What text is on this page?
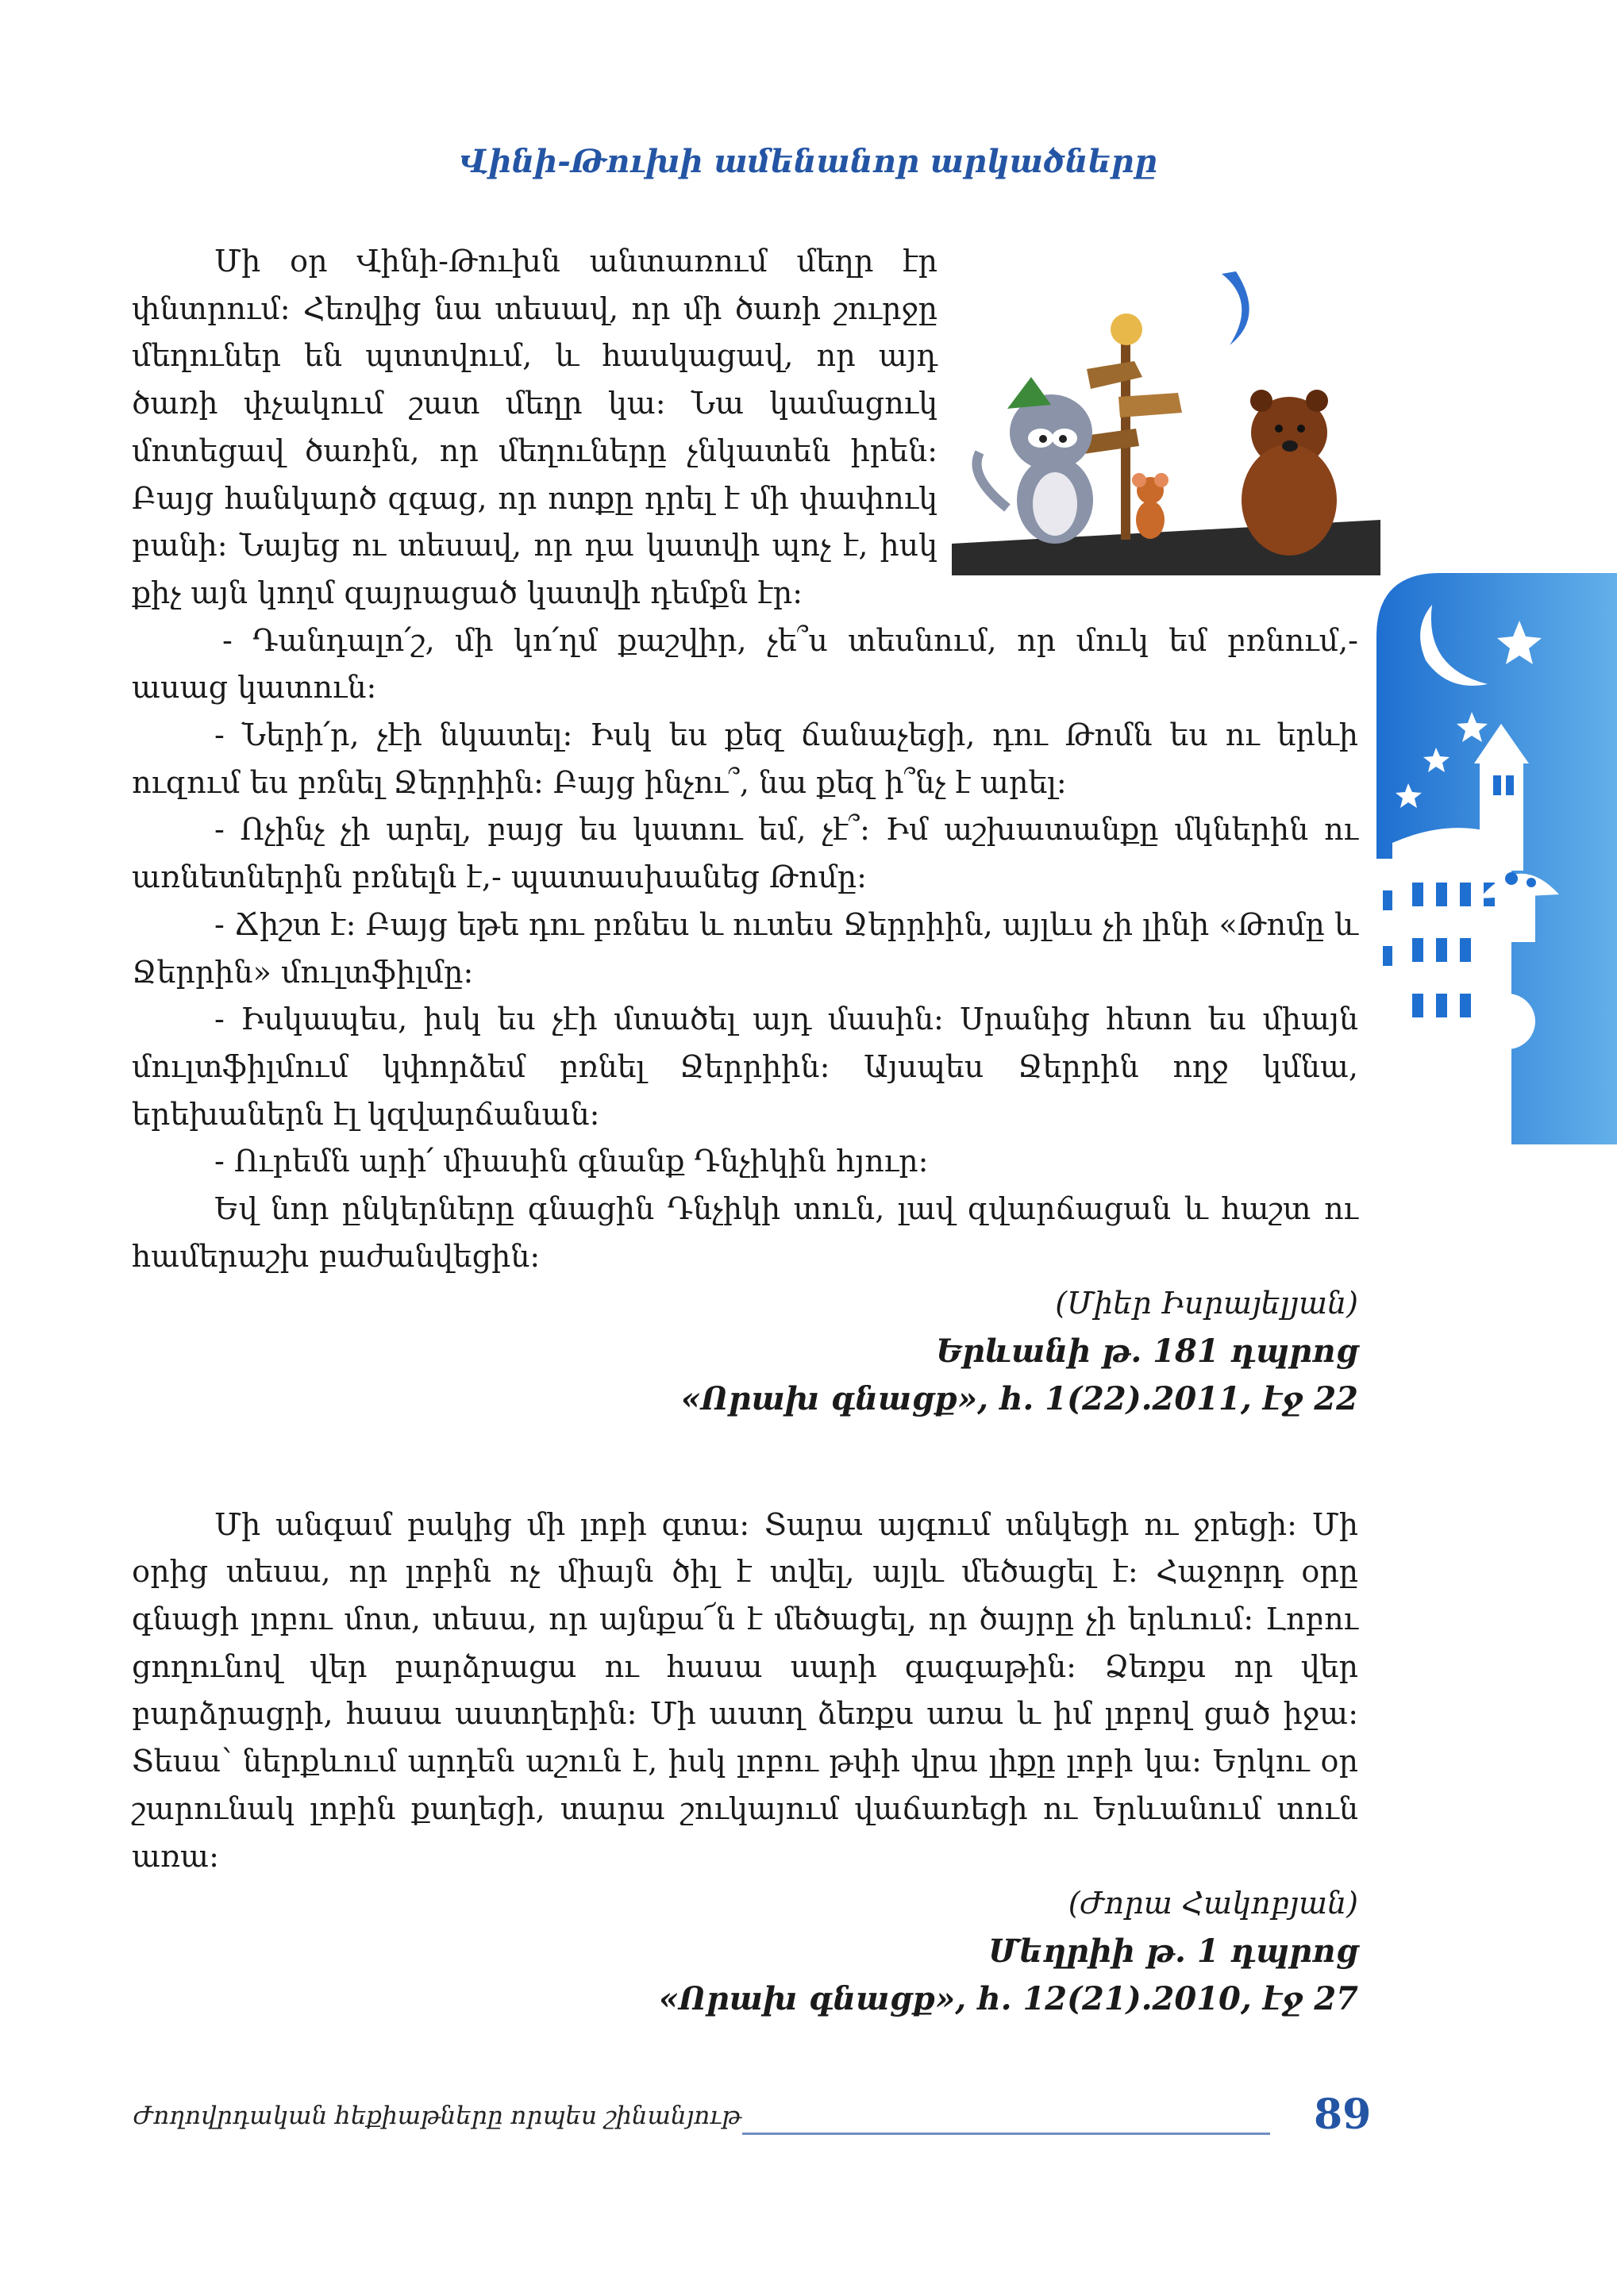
Վինի-Թուխի ամենանոր արկածները

Մի օր Վինի-Թուխն անտառում մեղր էր փնտրում: Հեռվից նա տեսավ, որ մի ծառի շուրջը մեղուներ են պտտվում, և հասկացավ, որ այդ ծառի փչակում շատ մեղր կա: Նա կամացուկ մոտեցավ ծառին, որ մեղուները չնկատեն իրեն: Բայց հանկարծ զգաց, որ ոտքը դրել է մի փափուկ բանի: Նայեց ու տեսավ, որ դա կատվի պոչ է, իսկ քիչ այն կողմ զայրացած կատվի դեմքն էր:

- Դանդալո՛շ, մի կո՛ղմ քաշվիր, չե՞ս տեսնում, որ մուկ եմ բռնում,- ասաց կատուն:

- Ների՛ր, չէի նկատել: Իսկ ես քեզ ճանաչեցի, դու Թոմն ես ու երևի ուզում ես բռնել Ջերրիին: Բայց ինչու՞, նա քեզ ի՞նչ է արել:

- Ոչինչ չի արել, բայց ես կատու եմ, չէ՞: Իմ աշխատանքը մկներին ու առնետներին բռնելն է,- պատասխանեց Թոմը:

- Ճիշտ է: Բայց եթե դու բռնես և ուտես Ջերրիին, այլևս չի լինի «Թոմը և Ջերրին» մուլտֆիլմը:

- Իսկապես, իսկ ես չէի մտածել այդ մասին: Սրանից հետո ես միայն մուլտֆիլմում կփորձեմ բռնել Ջերրիին: Այսպես Ջերրին ողջ կմնա, երեխաներն էլ կզվարճանան:

- Ուրեմն արի՛ միասին գնանք Դնչիկին հյուր:

Եվ նոր ընկերները գնացին Դնչիկի տուն, լավ զվարճացան և հաշտ ու համերաշխ բաժանվեցին:

(Միեր Իսրայելյան)

Երևանի թ. 181 դպրոց

«Որախ գնացք», հ. 1(22).2011, էջ 22

Մի անգամ բակից մի լոբի գտա: Տարա այգում տնկեցի ու ջրեցի: Մի օրից տեսա, որ լոբին ոչ միայն ծիլ է տվել, այլև մեծացել է: Հաջորդ օրը գնացի լոբու մոտ, տեսա, որ այնքա՜ն է մեծացել, որ ծայրը չի երևում: Լոբու ցողունով վեր բարձրացա ու հասա սարի գագաթին: Ձեռքս որ վեր բարձրացրի, հասա աստղերին: Մի աստղ ձեռքս առա և իմ լոբով ցած իջա: Տեսա՝ ներքևում արդեն աշուն է, իսկ լոբու թփի վրա լիքը լոբի կա: Երկու օր շարունակ լոբին քաղեցի, տարա շուկայում վաճառեցի ու Երևանում տուն առա:

(Ժորա Հակոբյան)

Մեղրիի թ. 1 դպրոց

«Որախ գնացք», հ. 12(21).2010, էջ 27

Ժողովրդական հեքիաթները որպես շինանյութ	89
